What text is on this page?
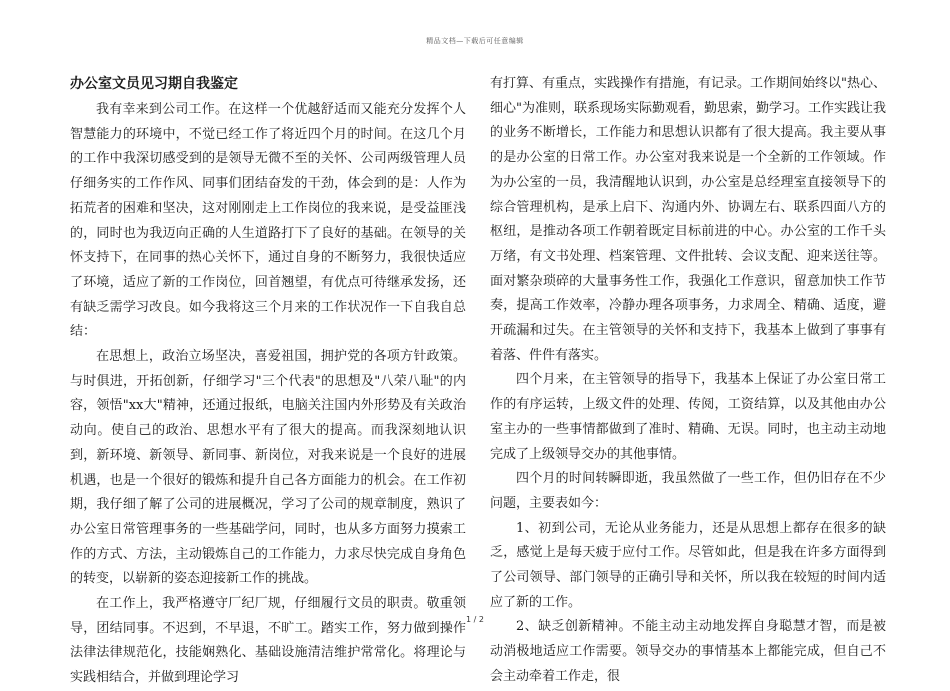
精品文档—下载后可任意编辑
办公室文员见习期自我鉴定

我有幸来到公司工作。在这样一个优越舒适而又能充分发挥个人智慧能力的环境中，不觉已经工作了将近四个月的时间。在这几个月的工作中我深切感受到的是领导无微不至的关怀、公司两级管理人员仔细务实的工作作风、同事们团结奋发的干劲，体会到的是：人作为拓荒者的困难和坚决，这对刚刚走上工作岗位的我来说，是受益匪浅的，同时也为我迈向正确的人生道路打下了良好的基础。在领导的关怀支持下，在同事的热心关怀下，通过自身的不断努力，我很快适应了环境，适应了新的工作岗位，回首翘望，有优点可待继承发扬，还有缺乏需学习改良。如今我将这三个月来的工作状况作一下自我自总结：

在思想上，政治立场坚决，喜爱祖国，拥护党的各项方针政策。与时俱进，开拓创新，仔细学习"三个代表"的思想及"八荣八耻"的内容，领悟"xx大"精神，还通过报纸，电脑关注国内外形势及有关政治动向。使自己的政治、思想水平有了很大的提高。而我深刻地认识到，新环境、新领导、新同事、新岗位，对我来说是一个良好的进展机遇，也是一个很好的锻炼和提升自己各方面能力的机会。在工作初期，我仔细了解了公司的进展概况，学习了公司的规章制度，熟识了办公室日常管理事务的一些基础学问，同时，也从多方面努力摸索工作的方式、方法，主动锻炼自己的工作能力，力求尽快完成自身角色的转变，以崭新的姿态迎接新工作的挑战。

在工作上，我严格遵守厂纪厂规，仔细履行文员的职责。敬重领导，团结同事。不迟到，不早退，不旷工。踏实工作，努力做到操作法律法律规范化，技能娴熟化、基础设施清洁维护常常化。将理论与实践相结合，并做到理论学习

有打算、有重点，实践操作有措施，有记录。工作期间始终以"热心、细心"为准则，联系现场实际勤观看，勤思索，勤学习。工作实践让我的业务不断增长，工作能力和思想认识都有了很大提高。我主要从事的是办公室的日常工作。办公室对我来说是一个全新的工作领域。作为办公室的一员，我清醒地认识到，办公室是总经理室直接领导下的综合管理机构，是承上启下、沟通内外、协调左右、联系四面八方的枢纽，是推动各项工作朝着既定目标前进的中心。办公室的工作千头万绪，有文书处理、档案管理、文件批转、会议支配、迎来送往等。面对繁杂琐碎的大量事务性工作，我强化工作意识，留意加快工作节奏，提高工作效率，冷静办理各项事务，力求周全、精确、适度，避开疏漏和过失。在主管领导的关怀和支持下，我基本上做到了事事有着落、件件有落实。

四个月来，在主管领导的指导下，我基本上保证了办公室日常工作的有序运转，上级文件的处理、传阅，工资结算，以及其他由办公室主办的一些事情都做到了准时、精确、无误。同时，也主动主动地完成了上级领导交办的其他事情。

四个月的时间转瞬即逝，我虽然做了一些工作，但仍旧存在不少问题，主要表如今：

1、初到公司，无论从业务能力，还是从思想上都存在很多的缺乏，感觉上是每天疲于应付工作。尽管如此，但是我在许多方面得到了公司领导、部门领导的正确引导和关怀，所以我在较短的时间内适应了新的工作。

2、缺乏创新精神。不能主动主动地发挥自身聪慧才智，而是被动消极地适应工作需要。领导交办的事情基本上都能完成，但自己不会主动牵着工作走，很

1 / 2
